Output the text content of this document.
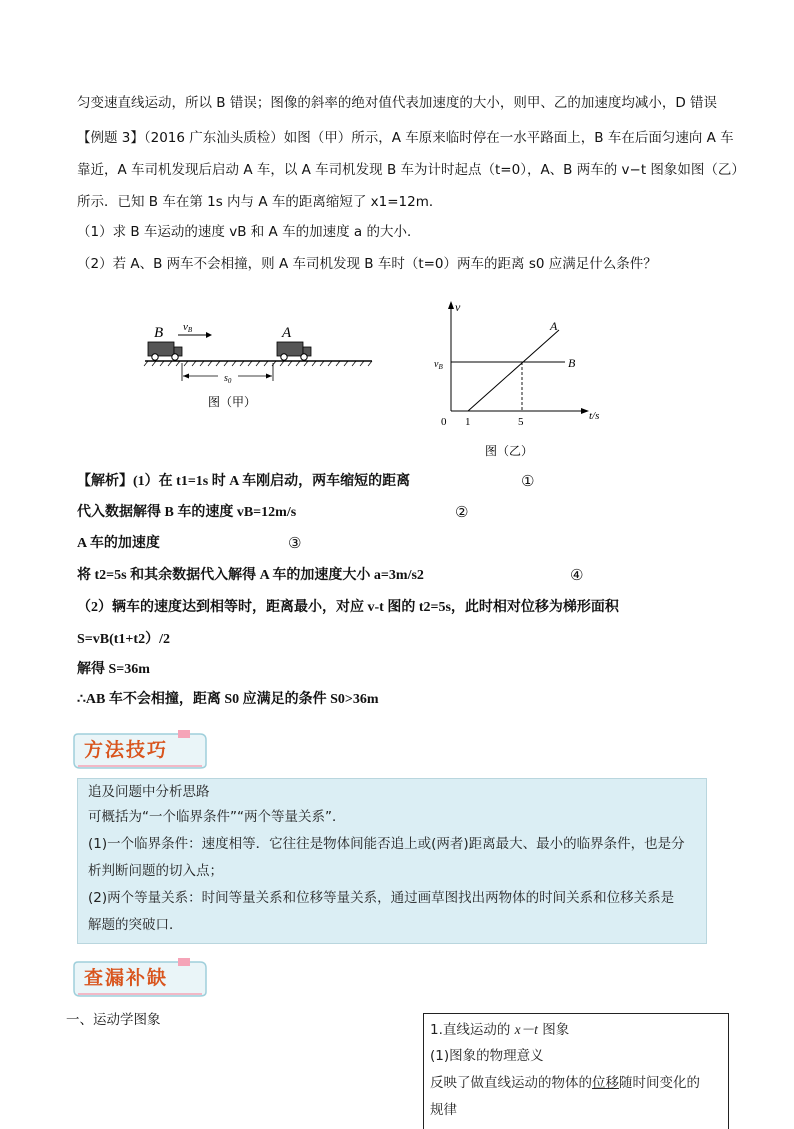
匀变速直线运动，所以 B 错误；图像的斜率的绝对值代表加速度的大小，则甲、乙的加速度均减小，D 错误
【例题 3】（2016 广东汕头质检）如图（甲）所示，A 车原来临时停在一水平路面上，B 车在后面匀速向 A 车
靠近，A 车司机发现后启动 A 车，以 A 车司机发现 B 车为计时起点（t=0），A、B 两车的 v−t 图象如图（乙）
所示．已知 B 车在第 1s 内与 A 车的距离缩短了 x1=12m．
（1）求 B 车运动的速度 vB 和 A 车的加速度 a 的大小．
（2）若 A、B 两车不会相撞，则 A 车司机发现 B 车时（t=0）两车的距离 s0 应满足什么条件？
B	A
vB
$s_0$
图（甲）
v
t/s
0 1	5
$v_B$	B
A
图（乙）
【解析】(1）在 t1=1s 时 A 车刚启动，两车缩短的距离	①
代入数据解得 B 车的速度 vB=12m/s	②
A 车的加速度	③
将 t2=5s 和其余数据代入解得 A 车的加速度大小 a=3m/s2	④
（2）辆车的速度达到相等时，距离最小，对应 v-t 图的 t2=5s，此时相对位移为梯形面积
S=vB(t1+t2）/2
解得 S=36m
∴AB 车不会相撞，距离 S0 应满足的条件 S0>36m
方法技巧
追及问题中分析思路
可概括为“一个临界条件”“两个等量关系”．
(1)一个临界条件：速度相等．它往往是物体间能否追上或(两者)距离最大、最小的临界条件，也是分
析判断问题的切入点；
(2)两个等量关系：时间等量关系和位移等量关系，通过画草图找出两物体的时间关系和位移关系是
解题的突破口．
查漏补缺
一、运动学图象
1.直线运动的 x－t 图象
(1)图象的物理意义
反映了做直线运动的物体的位移随时间变化的
规律
